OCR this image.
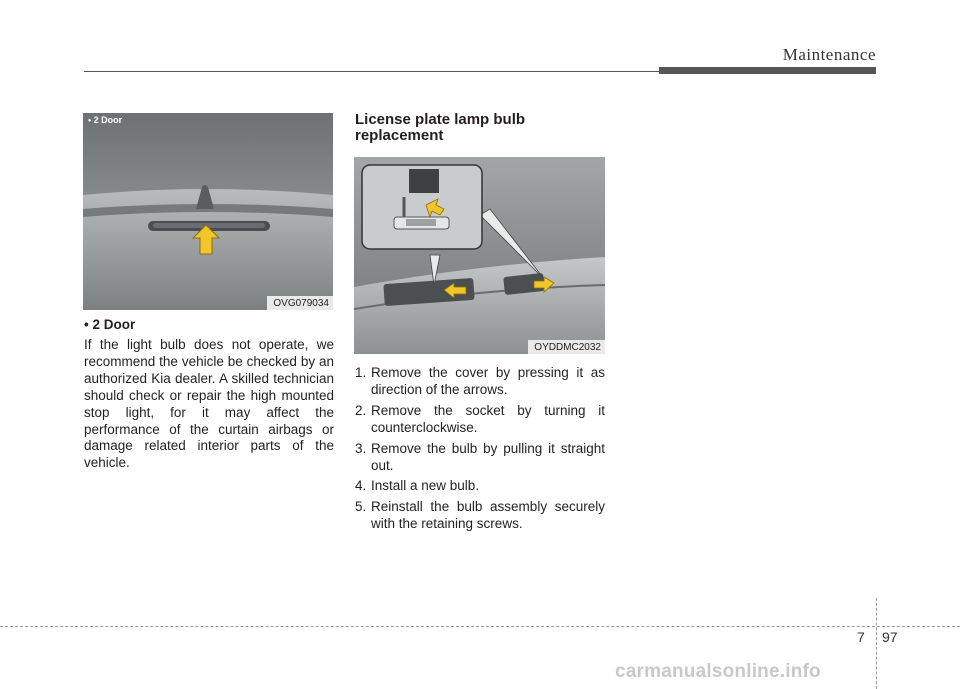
Maintenance
• 2 Door
OVG079034

• 2 Door

If the light bulb does not operate, we recommend the vehicle be checked by an authorized Kia dealer. A skilled technician should check or repair the high mounted stop light, for it may affect the performance of the curtain airbags or damage related interior parts of the vehicle.

License plate lamp bulb replacement
OYDDMC2032
1. Remove the cover by pressing it as direction of the arrows.
2. Remove the socket by turning it counterclockwise.
3. Remove the bulb by pulling it straight out.
4. Install a new bulb.
5. Reinstall the bulb assembly securely with the retaining screws.
7 97
carmanualsonline.info
